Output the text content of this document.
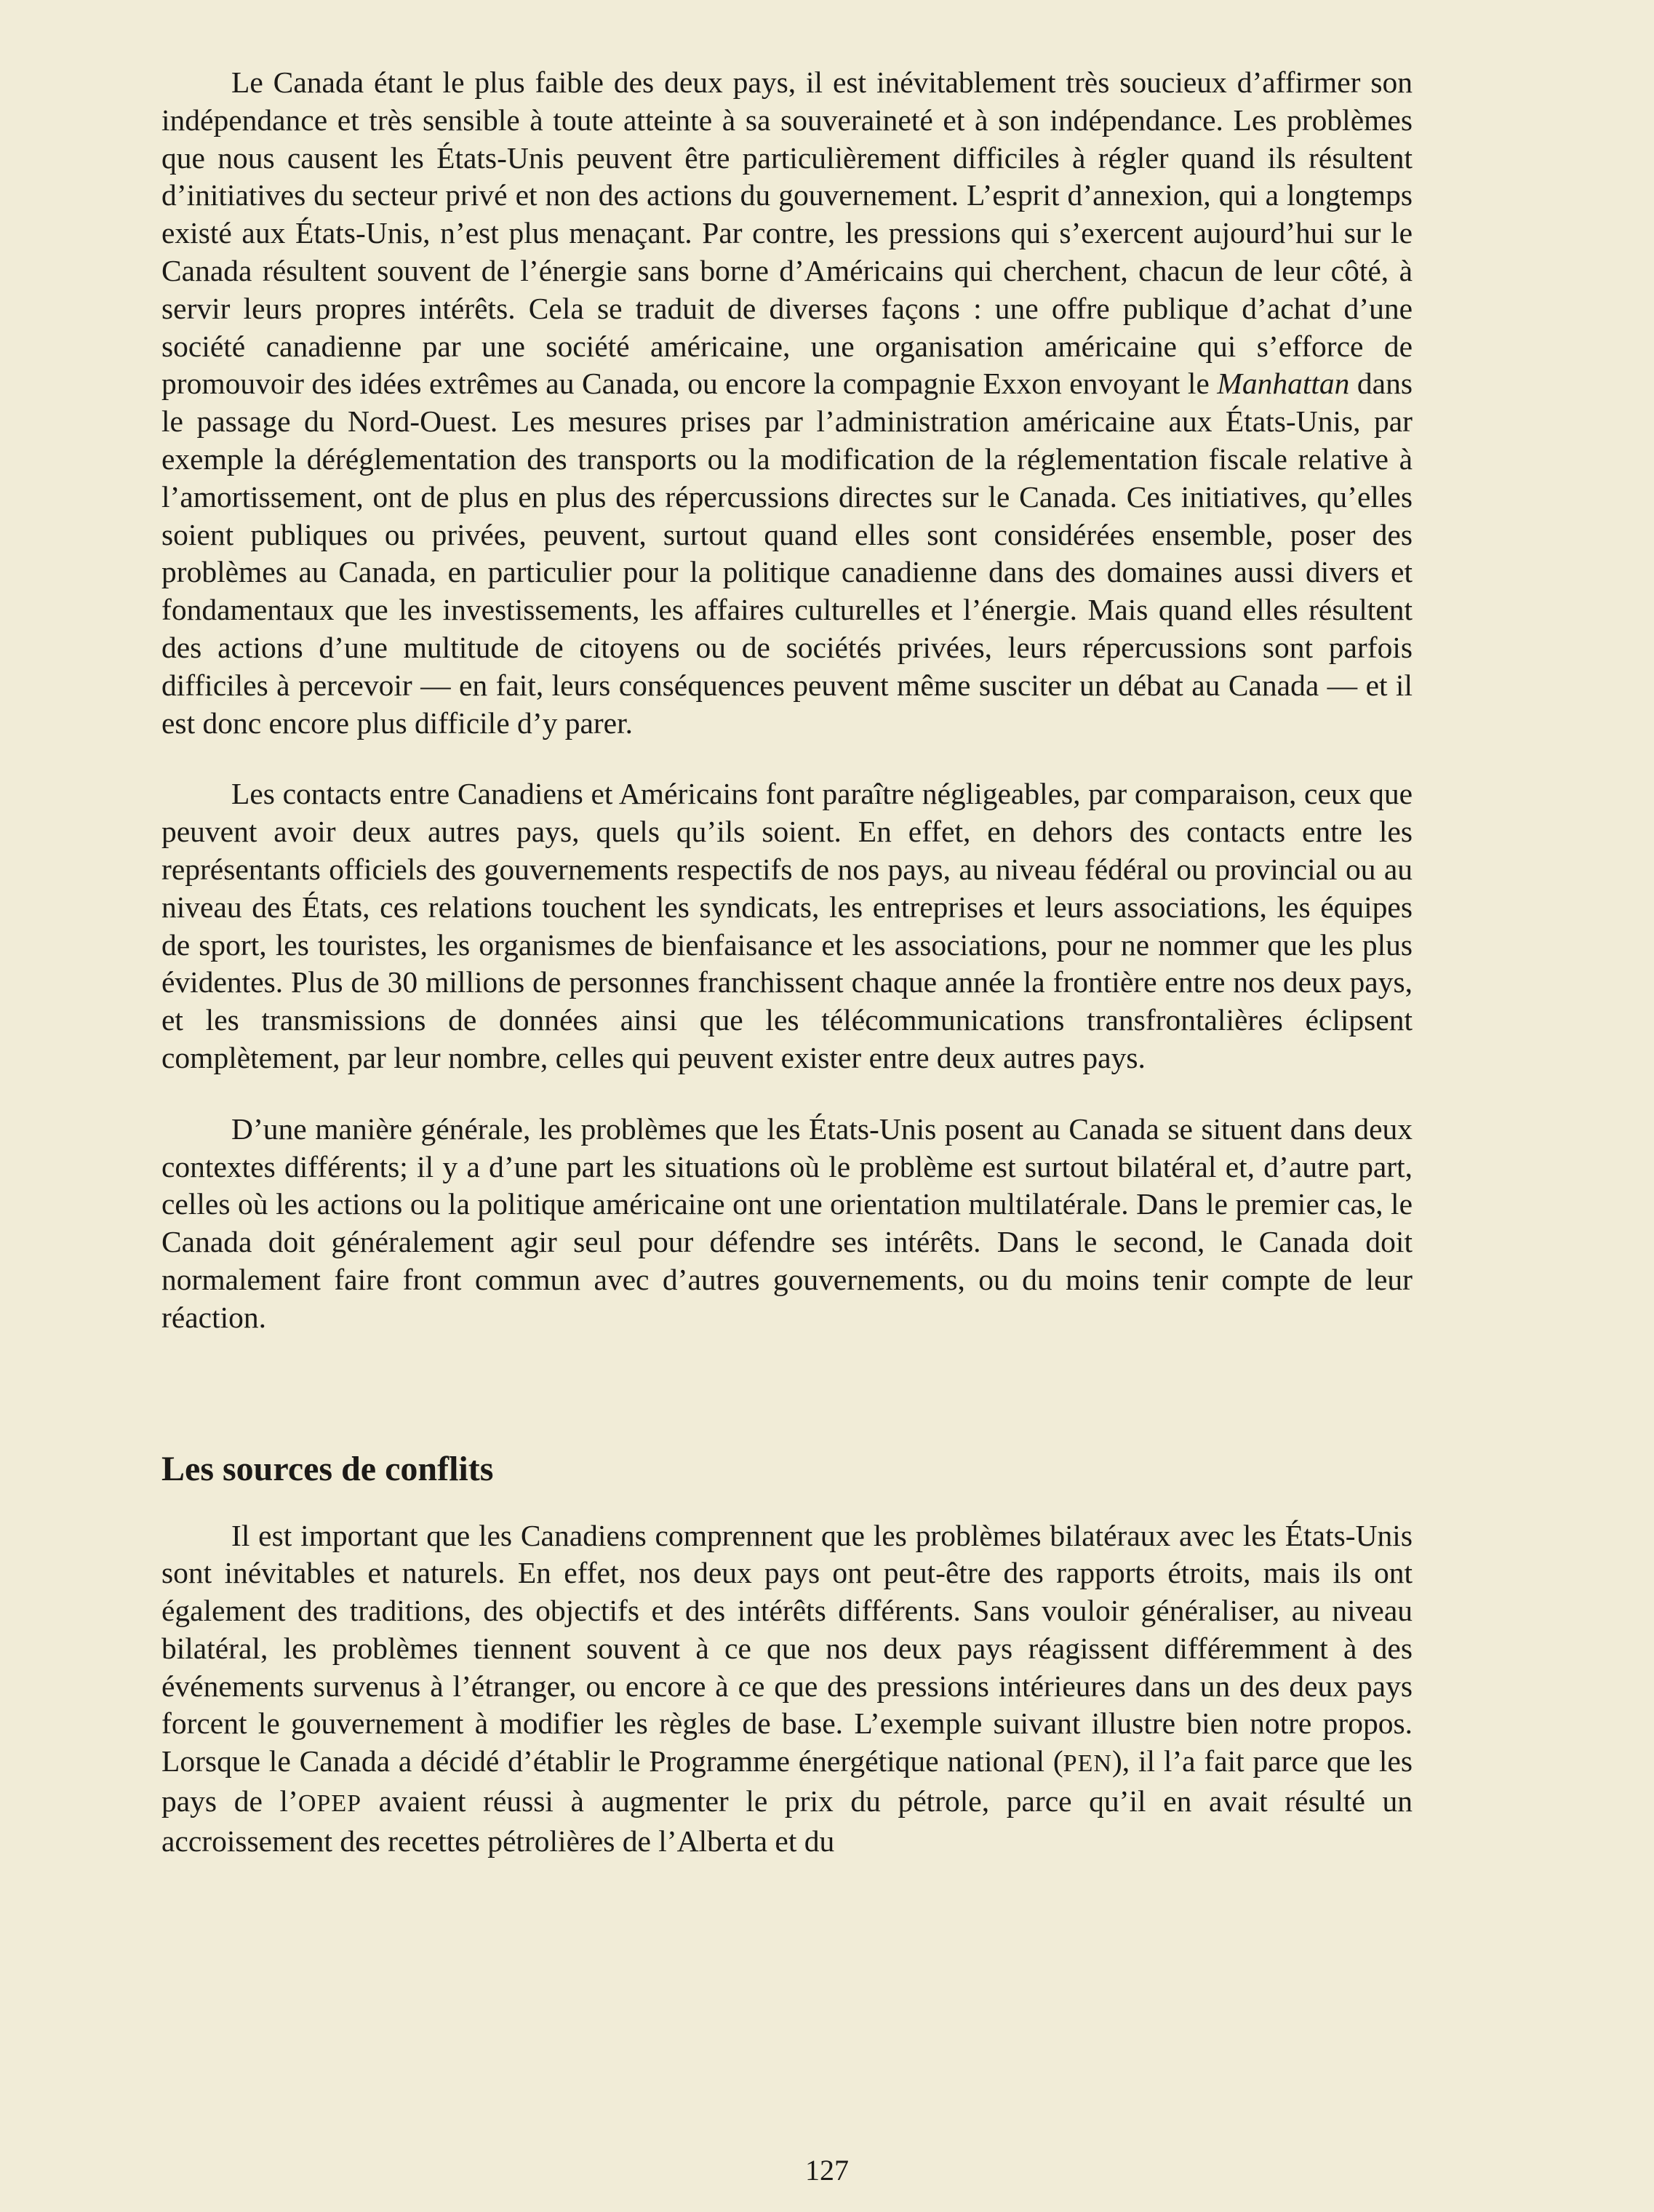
Le Canada étant le plus faible des deux pays, il est inévitablement très soucieux d’affirmer son indépendance et très sensible à toute atteinte à sa souveraineté et à son indépendance. Les problèmes que nous causent les États-Unis peuvent être particulièrement difficiles à régler quand ils résultent d’initiatives du secteur privé et non des actions du gouvernement. L’esprit d’annexion, qui a longtemps existé aux États-Unis, n’est plus menaçant. Par contre, les pressions qui s’exercent aujourd’hui sur le Canada résultent souvent de l’énergie sans borne d’Américains qui cherchent, chacun de leur côté, à servir leurs propres intérêts. Cela se traduit de diverses façons : une offre publique d’achat d’une société canadienne par une société américaine, une organisation américaine qui s’efforce de promouvoir des idées extrêmes au Canada, ou encore la compagnie Exxon envoyant le Manhattan dans le passage du Nord-Ouest. Les mesures prises par l’administration américaine aux États-Unis, par exemple la déréglementation des transports ou la modification de la réglementation fiscale relative à l’amortissement, ont de plus en plus des répercussions directes sur le Canada. Ces initiatives, qu’elles soient publiques ou privées, peuvent, surtout quand elles sont considérées ensemble, poser des problèmes au Canada, en particulier pour la politique canadienne dans des domaines aussi divers et fondamentaux que les investissements, les affaires culturelles et l’énergie. Mais quand elles résultent des actions d’une multitude de citoyens ou de sociétés privées, leurs répercussions sont parfois difficiles à percevoir — en fait, leurs conséquences peuvent même susciter un débat au Canada — et il est donc encore plus difficile d’y parer.

Les contacts entre Canadiens et Américains font paraître négligeables, par comparaison, ceux que peuvent avoir deux autres pays, quels qu’ils soient. En effet, en dehors des contacts entre les représentants officiels des gouvernements respectifs de nos pays, au niveau fédéral ou provincial ou au niveau des États, ces relations touchent les syndicats, les entreprises et leurs associations, les équipes de sport, les touristes, les organismes de bienfaisance et les associations, pour ne nommer que les plus évidentes. Plus de 30 millions de personnes franchissent chaque année la frontière entre nos deux pays, et les transmissions de données ainsi que les télécommunications transfrontalières éclipsent complètement, par leur nombre, celles qui peuvent exister entre deux autres pays.

D’une manière générale, les problèmes que les États-Unis posent au Canada se situent dans deux contextes différents; il y a d’une part les situations où le problème est surtout bilatéral et, d’autre part, celles où les actions ou la politique américaine ont une orientation multilatérale. Dans le premier cas, le Canada doit généralement agir seul pour défendre ses intérêts. Dans le second, le Canada doit normalement faire front commun avec d’autres gouvernements, ou du moins tenir compte de leur réaction.

Les sources de conflits

Il est important que les Canadiens comprennent que les problèmes bilatéraux avec les États-Unis sont inévitables et naturels. En effet, nos deux pays ont peut-être des rapports étroits, mais ils ont également des traditions, des objectifs et des intérêts différents. Sans vouloir généraliser, au niveau bilatéral, les problèmes tiennent souvent à ce que nos deux pays réagissent différemment à des événements survenus à l’étranger, ou encore à ce que des pressions intérieures dans un des deux pays forcent le gouvernement à modifier les règles de base. L’exemple suivant illustre bien notre propos. Lorsque le Canada a décidé d’établir le Programme énergétique national (PEN), il l’a fait parce que les pays de l’OPEP avaient réussi à augmenter le prix du pétrole, parce qu’il en avait résulté un accroissement des recettes pétrolières de l’Alberta et du

127
